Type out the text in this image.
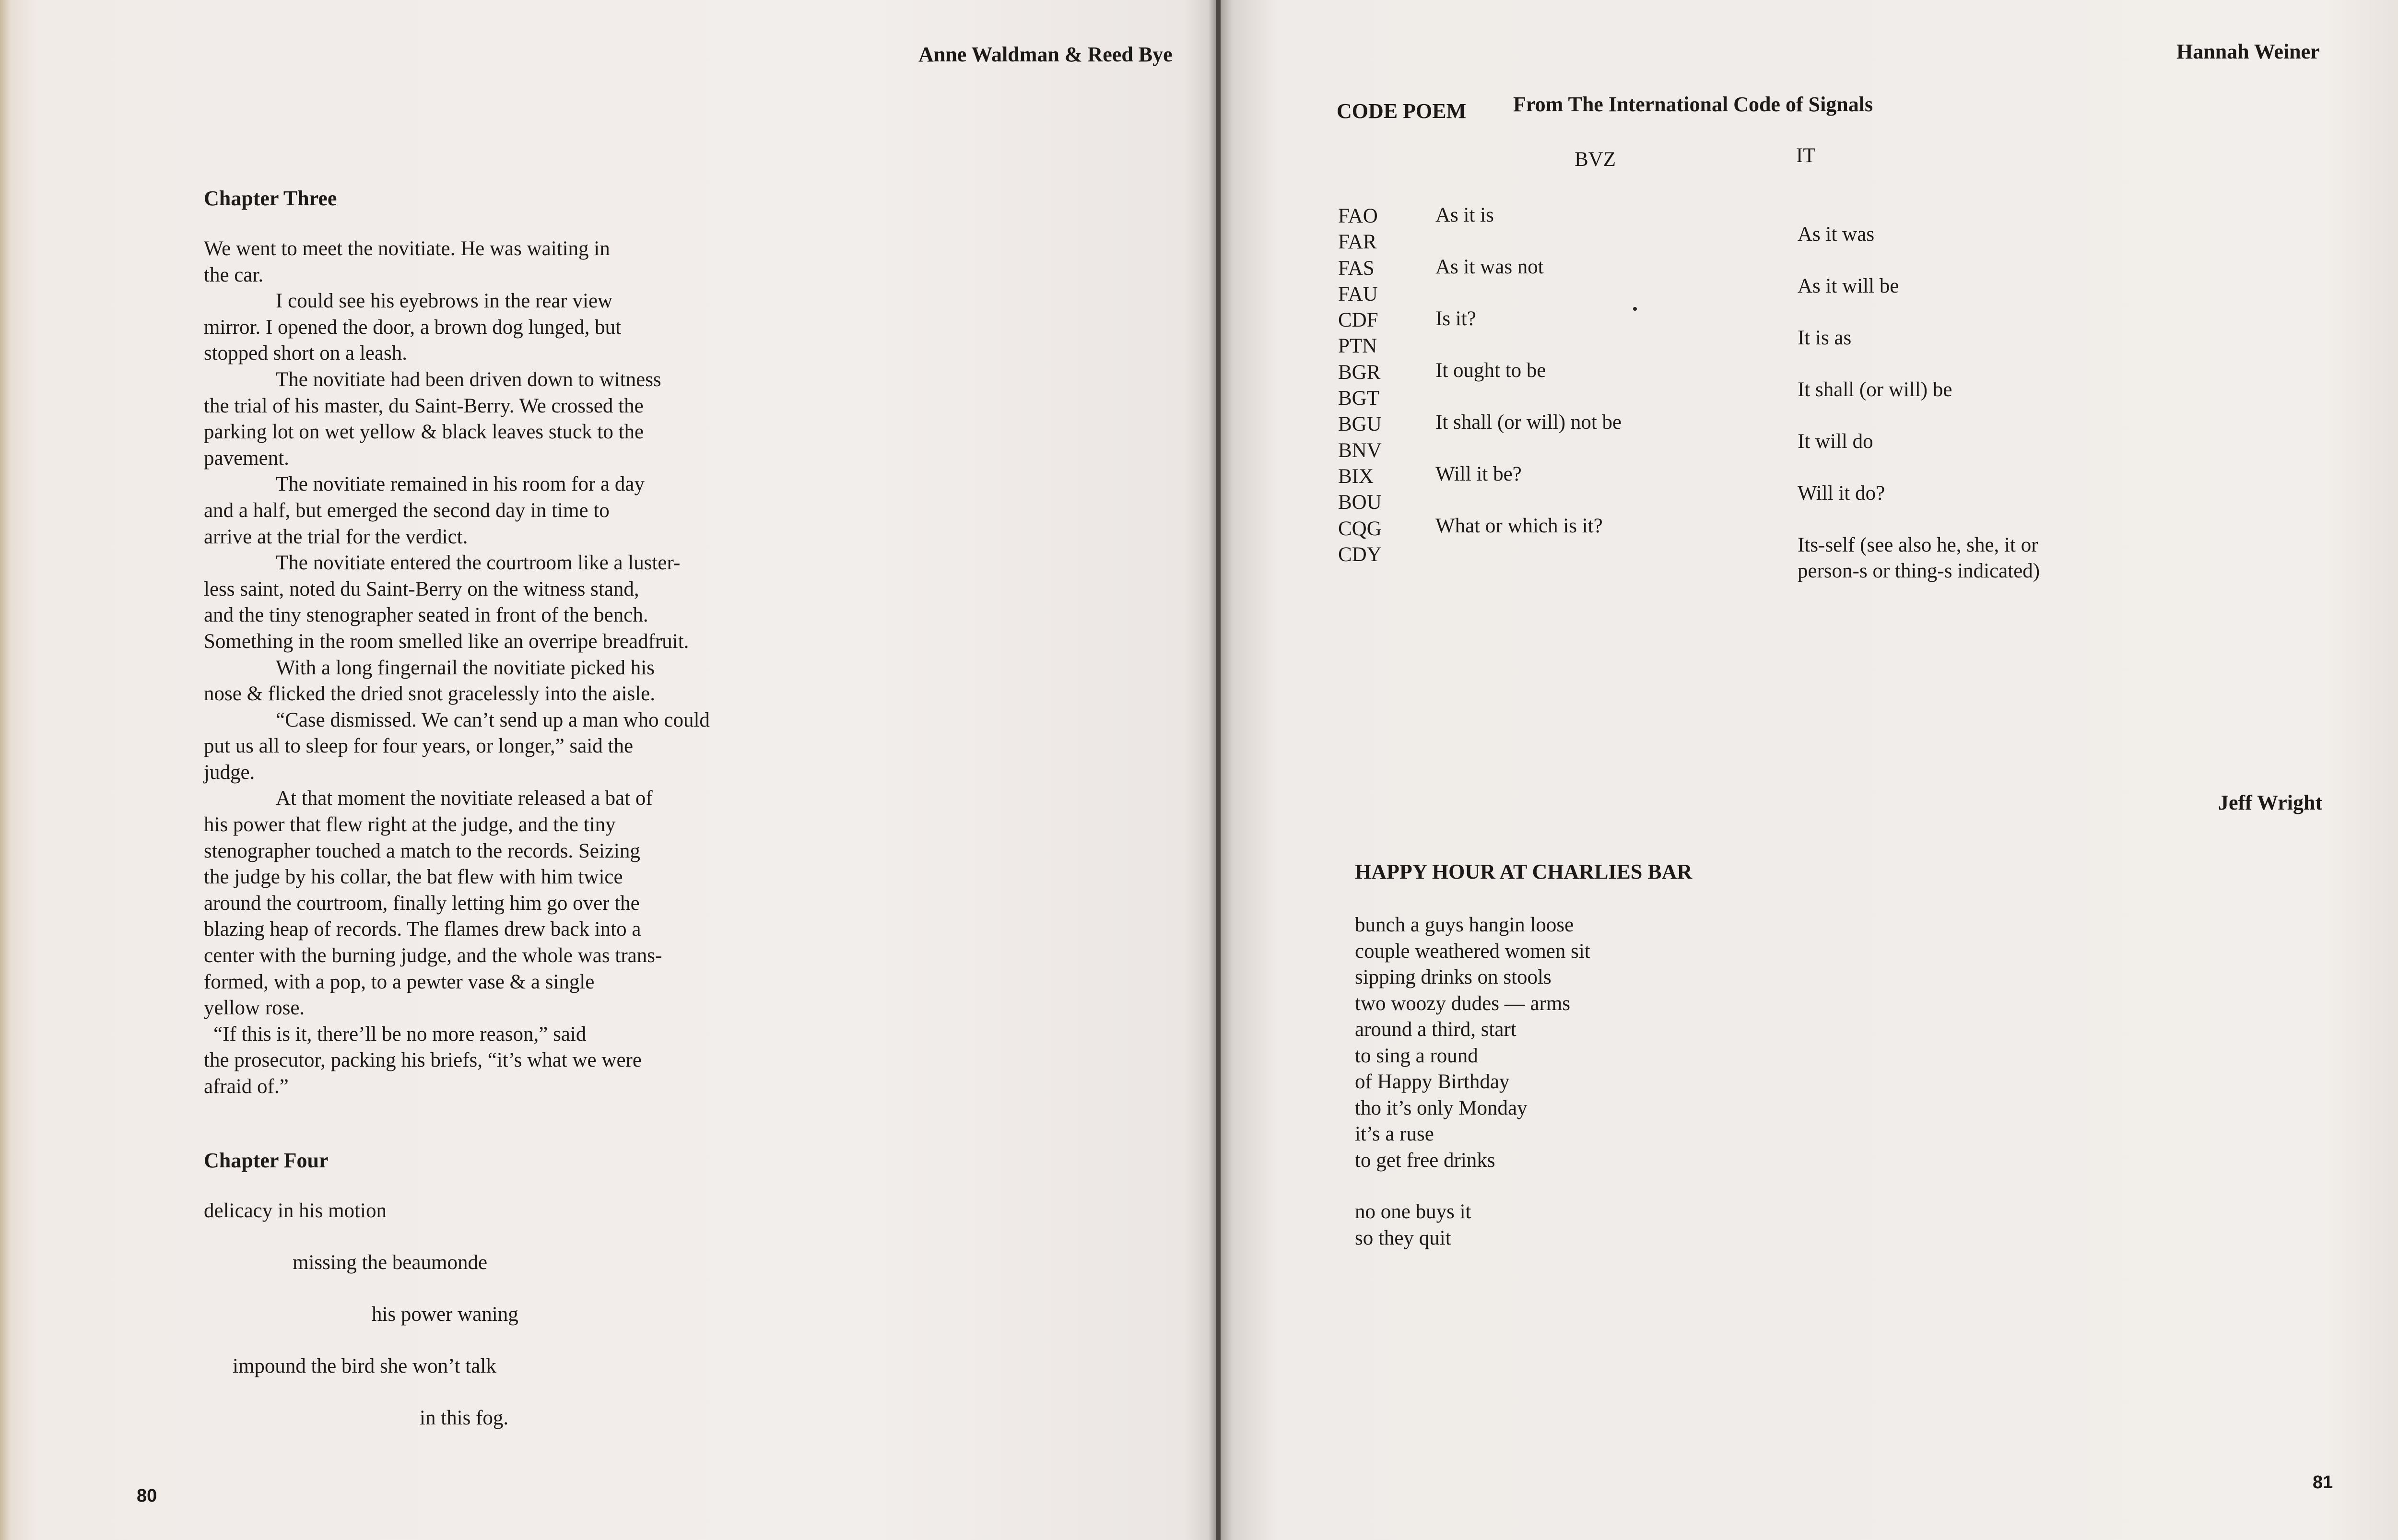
Anne Waldman & Reed Bye
Chapter Three
We went to meet the novitiate. He was waiting in
the car.
I could see his eyebrows in the rear view
mirror. I opened the door, a brown dog lunged, but
stopped short on a leash.
The novitiate had been driven down to witness
the trial of his master, du Saint-Berry. We crossed the
parking lot on wet yellow & black leaves stuck to the
pavement.
The novitiate remained in his room for a day
and a half, but emerged the second day in time to
arrive at the trial for the verdict.
The novitiate entered the courtroom like a luster-
less saint, noted du Saint-Berry on the witness stand,
and the tiny stenographer seated in front of the bench.
Something in the room smelled like an overripe breadfruit.
With a long fingernail the novitiate picked his
nose & flicked the dried snot gracelessly into the aisle.
“Case dismissed. We can’t send up a man who could
put us all to sleep for four years, or longer,” said the
judge.
At that moment the novitiate released a bat of
his power that flew right at the judge, and the tiny
stenographer touched a match to the records. Seizing
the judge by his collar, the bat flew with him twice
around the courtroom, finally letting him go over the
blazing heap of records. The flames drew back into a
center with the burning judge, and the whole was trans-
formed, with a pop, to a pewter vase & a single
yellow rose.
“If this is it, there’ll be no more reason,” said
the prosecutor, packing his briefs, “it’s what we were
afraid of.”
Chapter Four
delicacy in his motion
missing the beaumonde
his power waning
impound the bird she won’t talk
in this fog.
80
Hannah Weiner
CODE POEM From The International Code of Signals
BVZ	IT
FAO
FAR
FAS
FAU
CDF
PTN
BGR
BGT
BGU
BNV
BIX
BOU
CQG
CDY
Jeff Wright
HAPPY HOUR AT CHARLIES BAR
bunch a guys hangin loose
couple weathered women sit
sipping drinks on stools
two woozy dudes — arms
around a third, start
to sing a round
of Happy Birthday
tho it’s only Monday
it’s a ruse
to get free drinks
no one buys it
so they quit
81
As it is
As it was not
Is it?
It ought to be
It shall (or will) not be
Will it be?
What or which is it?
As it was
As it will be
It is as
It shall (or will) be
It will do
Will it do?
Its-self (see also he, she, it or
person-s or thing-s indicated)
